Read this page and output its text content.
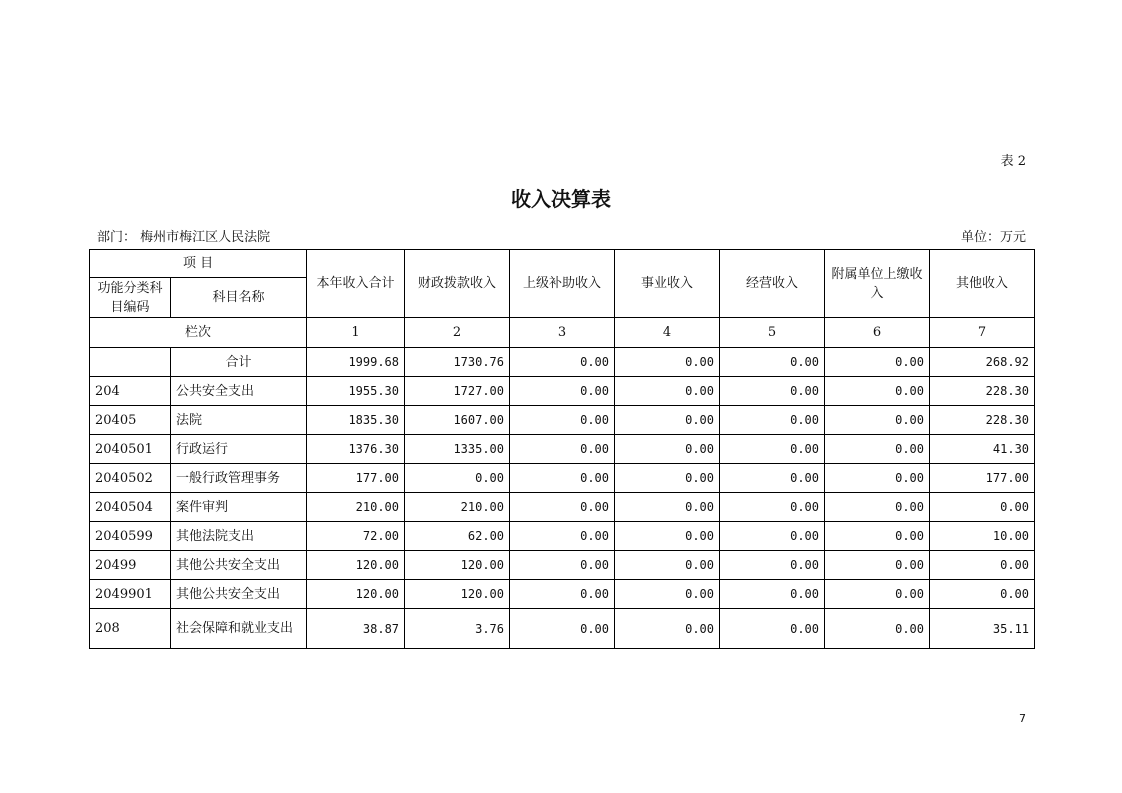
表 2
收入决算表
部门： 梅州市梅江区人民法院	单位：万元
项 目		本年收入合计	财政拨款收入	上级补助收入	事业收入	经营收入	附属单位上缴收入	其他收入
功能分类科目编码	科目名称							
栏次		1	2	3	4	5	6	7
	合计	1999.68	1730.76	0.00	0.00	0.00	0.00	268.92
204	公共安全支出	1955.30	1727.00	0.00	0.00	0.00	0.00	228.30
20405	法院	1835.30	1607.00	0.00	0.00	0.00	0.00	228.30
2040501	行政运行	1376.30	1335.00	0.00	0.00	0.00	0.00	41.30
2040502	一般行政管理事务	177.00	0.00	0.00	0.00	0.00	0.00	177.00
2040504	案件审判	210.00	210.00	0.00	0.00	0.00	0.00	0.00
2040599	其他法院支出	72.00	62.00	0.00	0.00	0.00	0.00	10.00
20499	其他公共安全支出	120.00	120.00	0.00	0.00	0.00	0.00	0.00
2049901	其他公共安全支出	120.00	120.00	0.00	0.00	0.00	0.00	0.00
208	社会保障和就业支出	38.87	3.76	0.00	0.00	0.00	0.00	35.11
7
